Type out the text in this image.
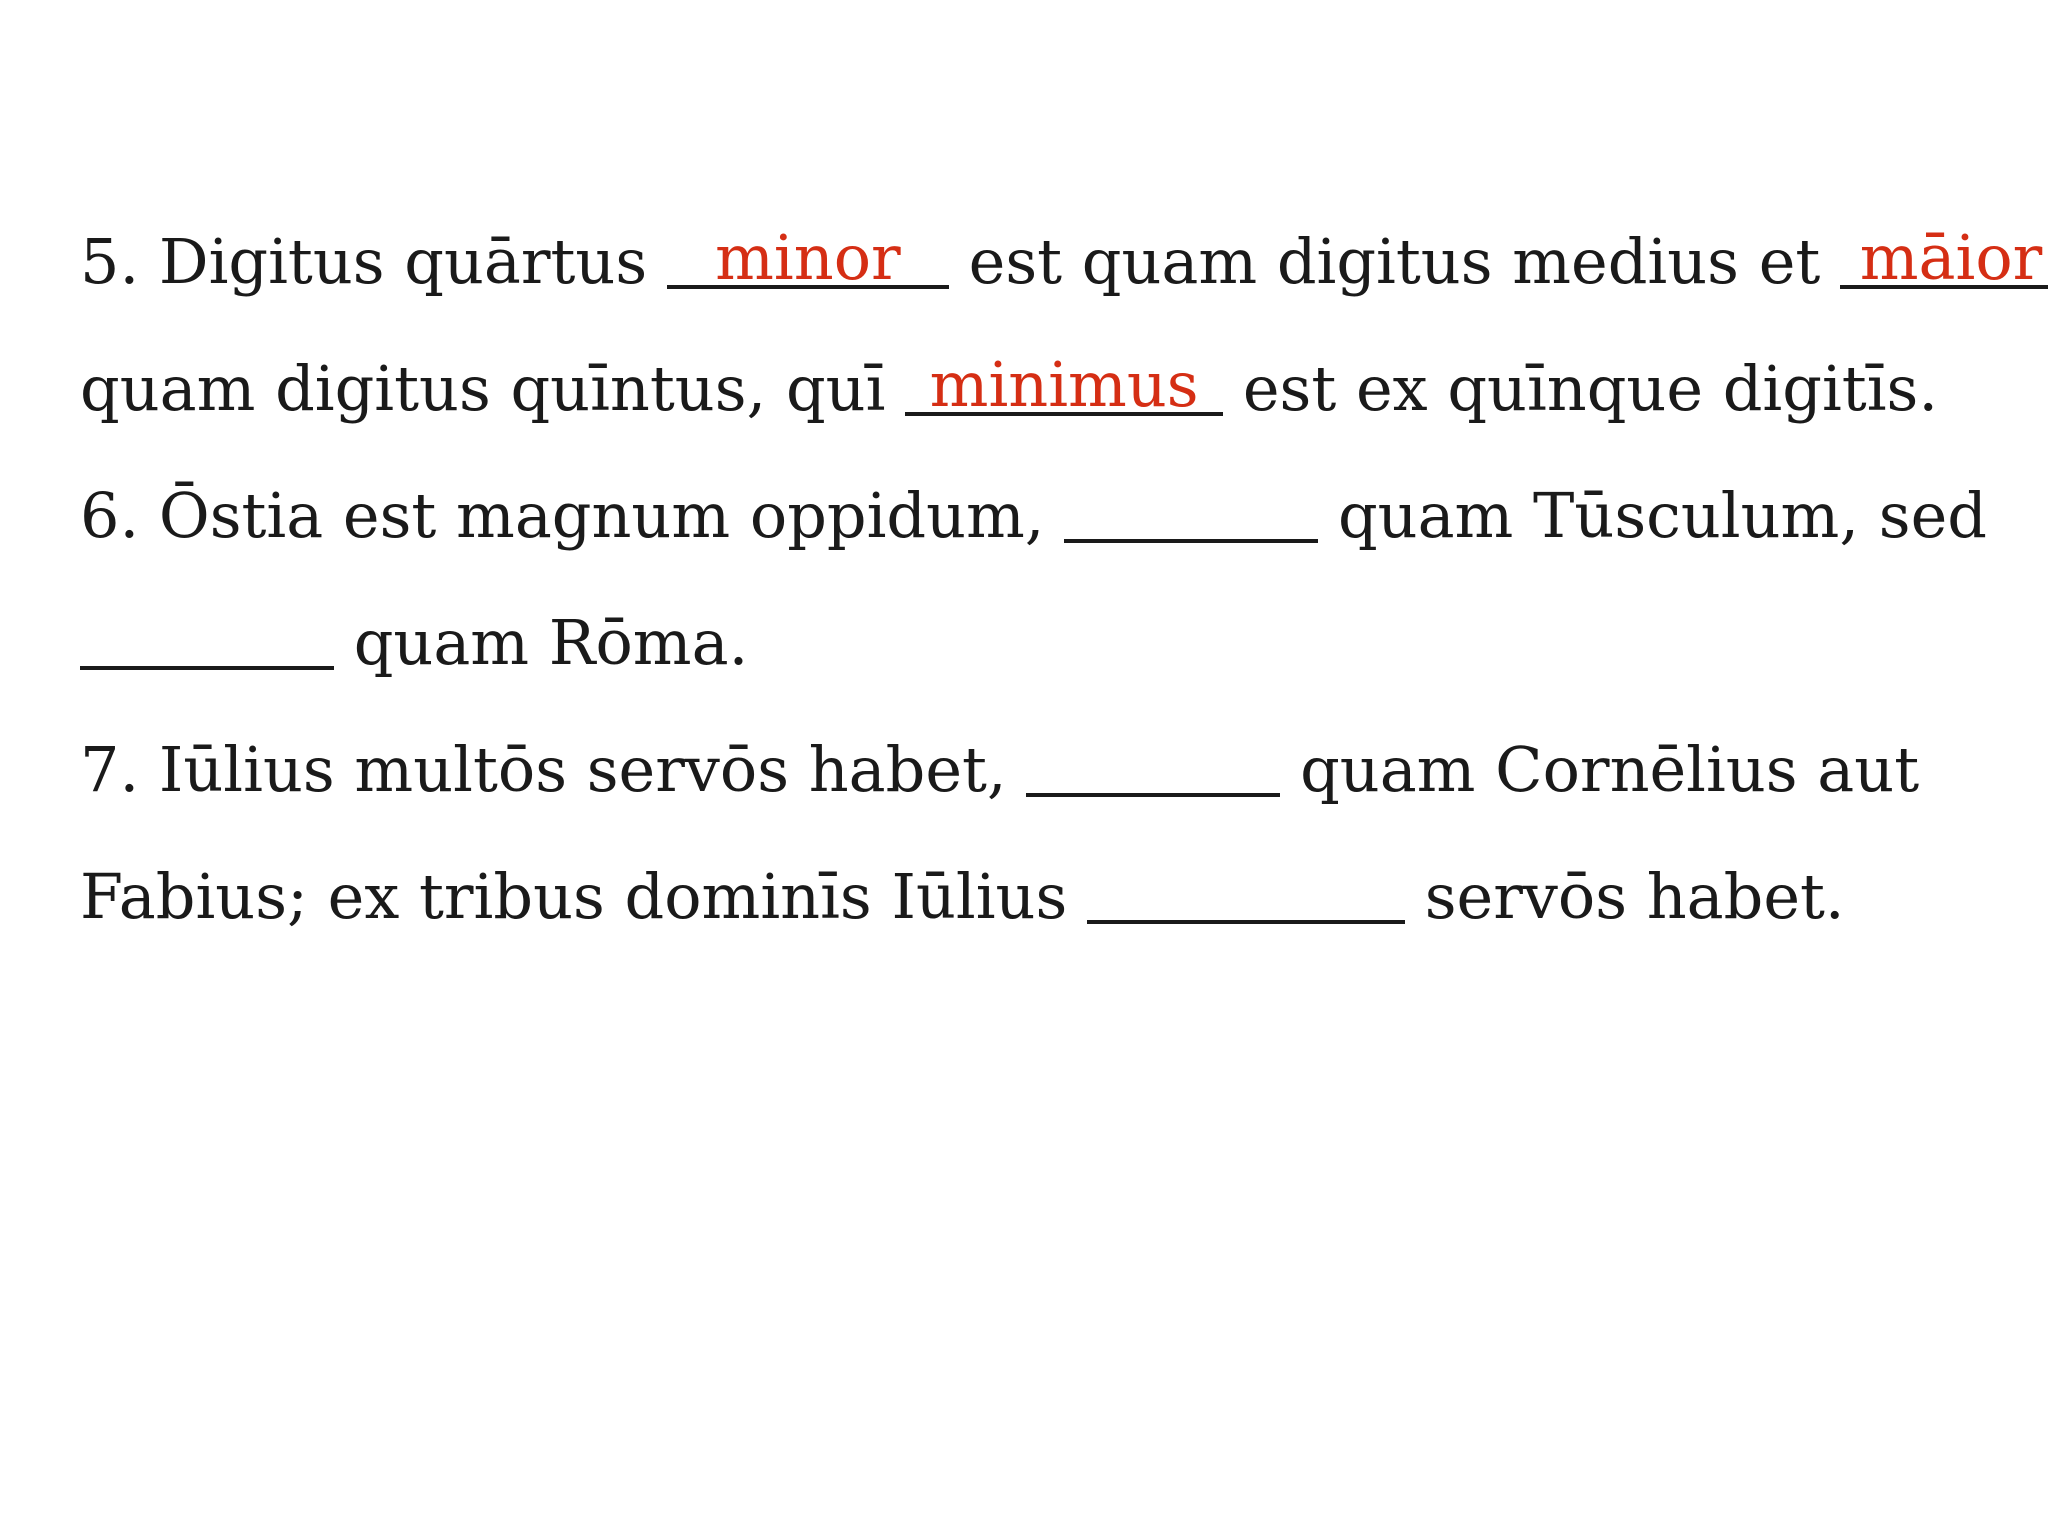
5. Digitus quārtus	minor	est quam digitus medius et māior
quam digitus quīntus, quī minimus est ex quīnque digitīs.
6. Ōstia est magnum oppidum,	quam Tūsculum, sed
quam Rōma.
7. Iūlius multōs servōs habet,	quam Cornēlius aut
Fabius; ex tribus dominīs Iūlius	servōs habet.
